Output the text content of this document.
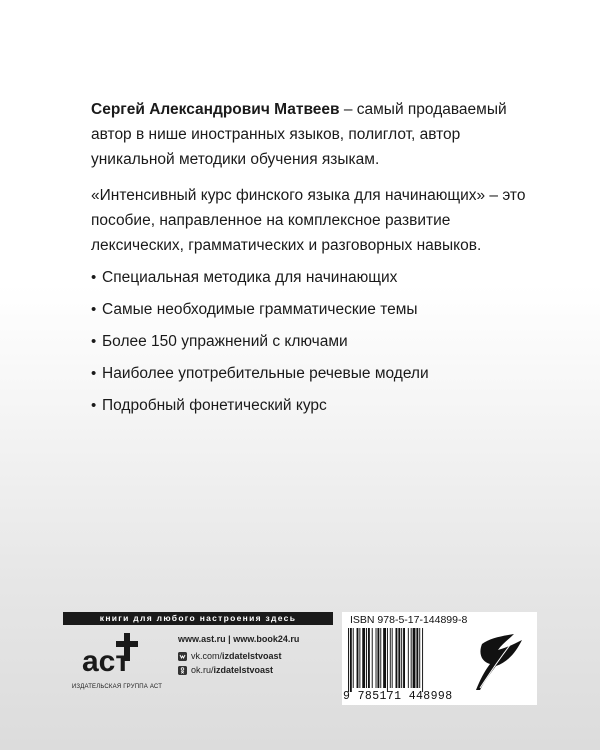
Сергей Александрович Матвеев – самый продаваемый автор в нише иностранных языков, полиглот, автор уникальной методики обучения языкам.

«Интенсивный курс финского языка для начинающих» – это пособие, направленное на комплексное развитие лексических, грамматических и разговорных навыков.

• Специальная методика для начинающих
• Самые необходимые грамматические темы
• Более 150 упражнений с ключами
• Наиболее употребительные речевые модели
• Подробный фонетический курс
книги для любого настроения здесь
аст
ИЗДАТЕЛЬСКАЯ ГРУППА АСТ
www.ast.ru | www.book24.ru
vk.com/ izdatelstvoast
ok.ru/ izdatelstvoast
ISBN 978-5-17-144899-8
9 785171 448998
